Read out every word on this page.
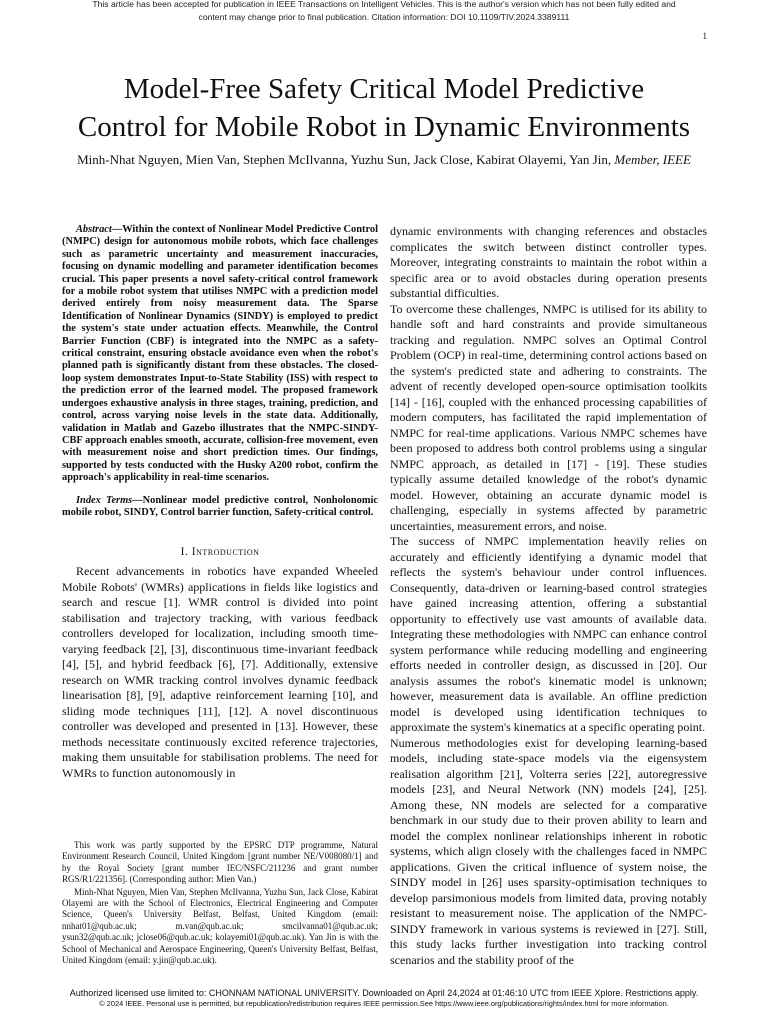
This article has been accepted for publication in IEEE Transactions on Intelligent Vehicles. This is the author's version which has not been fully edited and
content may change prior to final publication. Citation information: DOI 10.1109/TIV.2024.3389111
1
Model-Free Safety Critical Model Predictive
Control for Mobile Robot in Dynamic Environments
Minh-Nhat Nguyen, Mien Van, Stephen McIlvanna, Yuzhu Sun, Jack Close, Kabirat Olayemi, Yan Jin, Member, IEEE

Abstract—Within the context of Nonlinear Model Predictive Control (NMPC) design for autonomous mobile robots, which face challenges such as parametric uncertainty and measurement inaccuracies, focusing on dynamic modelling and parameter identification becomes crucial. This paper presents a novel safety-critical control framework for a mobile robot system that utilises NMPC with a prediction model derived entirely from noisy measurement data. The Sparse Identification of Nonlinear Dynamics (SINDY) is employed to predict the system's state under actuation effects. Meanwhile, the Control Barrier Function (CBF) is integrated into the NMPC as a safety-critical constraint, ensuring obstacle avoidance even when the robot's planned path is significantly distant from these obstacles. The closed-loop system demonstrates Input-to-State Stability (ISS) with respect to the prediction error of the learned model. The proposed framework undergoes exhaustive analysis in three stages, training, prediction, and control, across varying noise levels in the state data. Additionally, validation in Matlab and Gazebo illustrates that the NMPC-SINDY-CBF approach enables smooth, accurate, collision-free movement, even with measurement noise and short prediction times. Our findings, supported by tests conducted with the Husky A200 robot, confirm the approach's applicability in real-time scenarios.

Index Terms—Nonlinear model predictive control, Nonholonomic mobile robot, SINDY, Control barrier function, Safety-critical control.

I. Introduction

Recent advancements in robotics have expanded Wheeled Mobile Robots' (WMRs) applications in fields like logistics and search and rescue [1]. WMR control is divided into point stabilisation and trajectory tracking, with various feedback controllers developed for localization, including smooth time-varying feedback [2], [3], discontinuous time-invariant feedback [4], [5], and hybrid feedback [6], [7]. Additionally, extensive research on WMR tracking control involves dynamic feedback linearisation [8], [9], adaptive reinforcement learning [10], and sliding mode techniques [11], [12]. A novel discontinuous controller was developed and presented in [13]. However, these methods necessitate continuously excited reference trajectories, making them unsuitable for stabilisation problems. The need for WMRs to function autonomously in

This work was partly supported by the EPSRC DTP programme, Natural Environment Research Council, United Kingdom [grant number NE/V008080/1] and by the Royal Society [grant number IEC/NSFC/211236 and grant number RGS/R1/221356]. (Corresponding author: Mien Van.)

Minh-Nhat Nguyen, Mien Van, Stephen McIlvanna, Yuzhu Sun, Jack Close, Kabirat Olayemi are with the School of Electronics, Electrical Engineering and Computer Science, Queen's University Belfast, Belfast, United Kingdom (email: nnhat01@qub.ac.uk; m.van@qub.ac.uk; smcilvanna01@qub.ac.uk; ysun32@qub.ac.uk; jclose06@qub.ac.uk; kolayemi01@qub.ac.uk). Yan Jin is with the School of Mechanical and Aerospace Engineering, Queen's University Belfast, Belfast, United Kingdom (email: y.jin@qub.ac.uk).

dynamic environments with changing references and obstacles complicates the switch between distinct controller types. Moreover, integrating constraints to maintain the robot within a specific area or to avoid obstacles during operation presents substantial difficulties.

To overcome these challenges, NMPC is utilised for its ability to handle soft and hard constraints and provide simultaneous tracking and regulation. NMPC solves an Optimal Control Problem (OCP) in real-time, determining control actions based on the system's predicted state and adhering to constraints. The advent of recently developed open-source optimisation toolkits [14] - [16], coupled with the enhanced processing capabilities of modern computers, has facilitated the rapid implementation of NMPC for real-time applications. Various NMPC schemes have been proposed to address both control problems using a singular NMPC approach, as detailed in [17] - [19]. These studies typically assume detailed knowledge of the robot's dynamic model. However, obtaining an accurate dynamic model is challenging, especially in systems affected by parametric uncertainties, measurement errors, and noise.

The success of NMPC implementation heavily relies on accurately and efficiently identifying a dynamic model that reflects the system's behaviour under control influences. Consequently, data-driven or learning-based control strategies have gained increasing attention, offering a substantial opportunity to effectively use vast amounts of available data. Integrating these methodologies with NMPC can enhance control system performance while reducing modelling and engineering efforts needed in controller design, as discussed in [20]. Our analysis assumes the robot's kinematic model is unknown; however, measurement data is available. An offline prediction model is developed using identification techniques to approximate the system's kinematics at a specific operating point.

Numerous methodologies exist for developing learning-based models, including state-space models via the eigensystem realisation algorithm [21], Volterra series [22], autoregressive models [23], and Neural Network (NN) models [24], [25]. Among these, NN models are selected for a comparative benchmark in our study due to their proven ability to learn and model the complex nonlinear relationships inherent in robotic systems, which align closely with the challenges faced in NMPC applications. Given the critical influence of system noise, the SINDY model in [26] uses sparsity-optimisation techniques to develop parsimonious models from limited data, proving notably resistant to measurement noise. The application of the NMPC-SINDY framework in various systems is reviewed in [27]. Still, this study lacks further investigation into tracking control scenarios and the stability proof of the

Authorized licensed use limited to: CHONNAM NATIONAL UNIVERSITY. Downloaded on April 24,2024 at 01:46:10 UTC from IEEE Xplore. Restrictions apply.
© 2024 IEEE. Personal use is permitted, but republication/redistribution requires IEEE permission.See https://www.ieee.org/publications/rights/index.html for more information.
